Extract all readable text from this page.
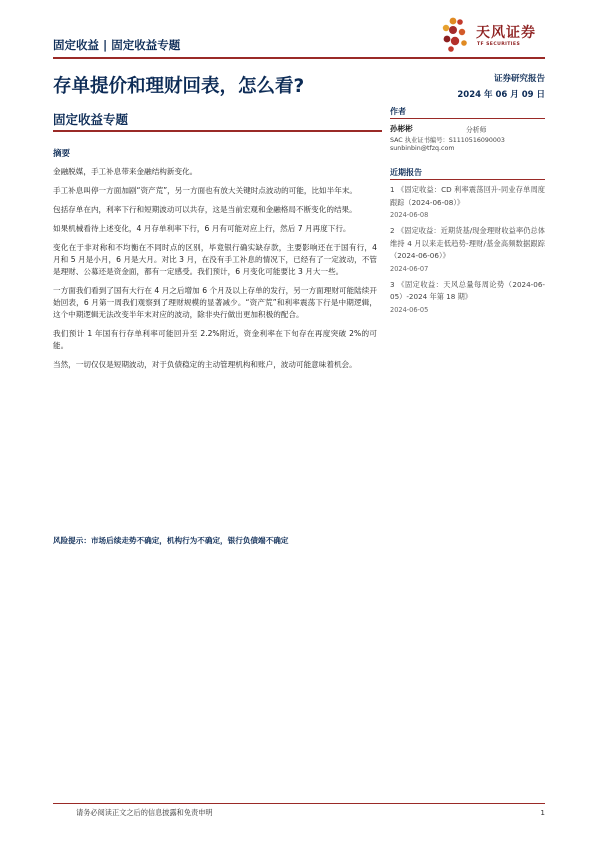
固定收益 | 固定收益专题
天风证券
TF SECURITIES
存单提价和理财回表，怎么看?	证券研究报告
2024 年 06 月 09 日
固定收益专题
摘要

金融脱媒，手工补息带来金融结构新变化。

手工补息叫停一方面加剧“资产荒”，另一方面也有放大关键时点波动的可能，比如半年末。

包括存单在内，利率下行和短期波动可以共存，这是当前宏观和金融格局不断变化的结果。

如果机械看待上述变化，4 月存单利率下行，6 月有可能对应上行，然后 7 月再度下行。

变化在于非对称和不均衡在不同时点的区别，毕竟银行确实缺存款，主要影响还在于国有行，4 月和 5 月是小月，6 月是大月。对比 3 月，在没有手工补息的情况下，已经有了一定波动，不管是理财、公募还是资金面，都有一定感受。我们预计，6 月变化可能要比 3 月大一些。

一方面我们看到了国有大行在 4 月之后增加 6 个月及以上存单的发行，另一方面理财可能陆续开始回表，6 月第一周我们观察到了理财规模的显著减少。“资产荒”和利率震荡下行是中期逻辑，这个中期逻辑无法改变半年末对应的波动，除非央行做出更加积极的配合。

我们预计 1 年国有行存单利率可能回升至 2.2%附近，资金利率在下旬存在再度突破 2%的可能。

当然，一切仅仅是短期波动，对于负债稳定的主动管理机构和账户，波动可能意味着机会。

风险提示：市场后续走势不确定，机构行为不确定，银行负债端不确定
作者
孙彬彬	分析师
SAC 执业证书编号：S1110516090003
sunbinbin@tfzq.com
近期报告
1 《固定收益：CD 利率震荡回升-同业存单周度跟踪（2024-06-08）》
2024-06-08
2 《固定收益：近期货基/现金理财收益率仍总体维持 4 月以来走低趋势-理财/基金高频数据跟踪（2024-06-06）》
2024-06-07
3 《固定收益：天风总量每周论势（2024-06-05）-2024 年第 18 期》
2024-06-05
请务必阅读正文之后的信息披露和免责申明	1
